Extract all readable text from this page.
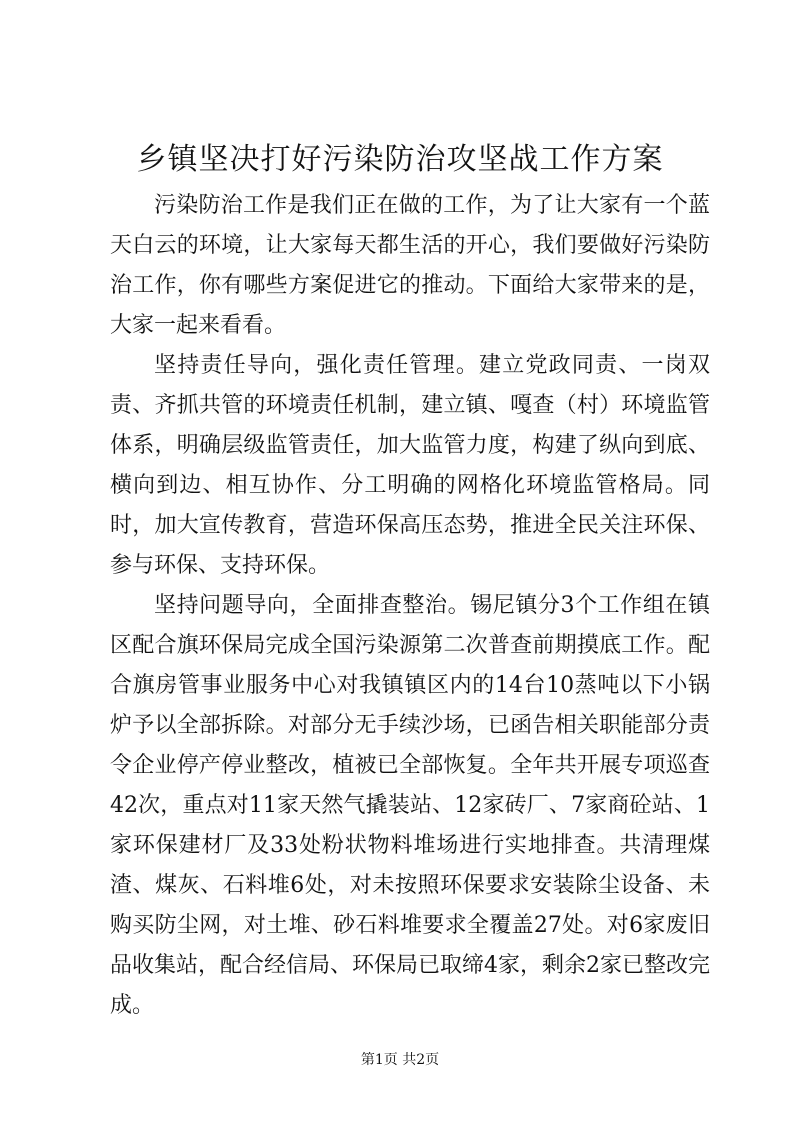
乡镇坚决打好污染防治攻坚战工作方案

污染防治工作是我们正在做的工作，为了让大家有一个蓝天白云的环境，让大家每天都生活的开心，我们要做好污染防治工作，你有哪些方案促进它的推动。下面给大家带来的是，大家一起来看看。

坚持责任导向，强化责任管理。建立党政同责、一岗双责、齐抓共管的环境责任机制，建立镇、嘎查（村）环境监管体系，明确层级监管责任，加大监管力度，构建了纵向到底、横向到边、相互协作、分工明确的网格化环境监管格局。同时，加大宣传教育，营造环保高压态势，推进全民关注环保、参与环保、支持环保。

坚持问题导向，全面排查整治。锡尼镇分3个工作组在镇区配合旗环保局完成全国污染源第二次普查前期摸底工作。配合旗房管事业服务中心对我镇镇区内的14台10蒸吨以下小锅炉予以全部拆除。对部分无手续沙场，已函告相关职能部分责令企业停产停业整改，植被已全部恢复。全年共开展专项巡查42次，重点对11家天然气撬装站、12家砖厂、7家商砼站、1家环保建材厂及33处粉状物料堆场进行实地排查。共清理煤渣、煤灰、石料堆6处，对未按照环保要求安装除尘设备、未购买防尘网，对土堆、砂石料堆要求全覆盖27处。对6家废旧品收集站，配合经信局、环保局已取缔4家，剩余2家已整改完成。

第1页 共2页
